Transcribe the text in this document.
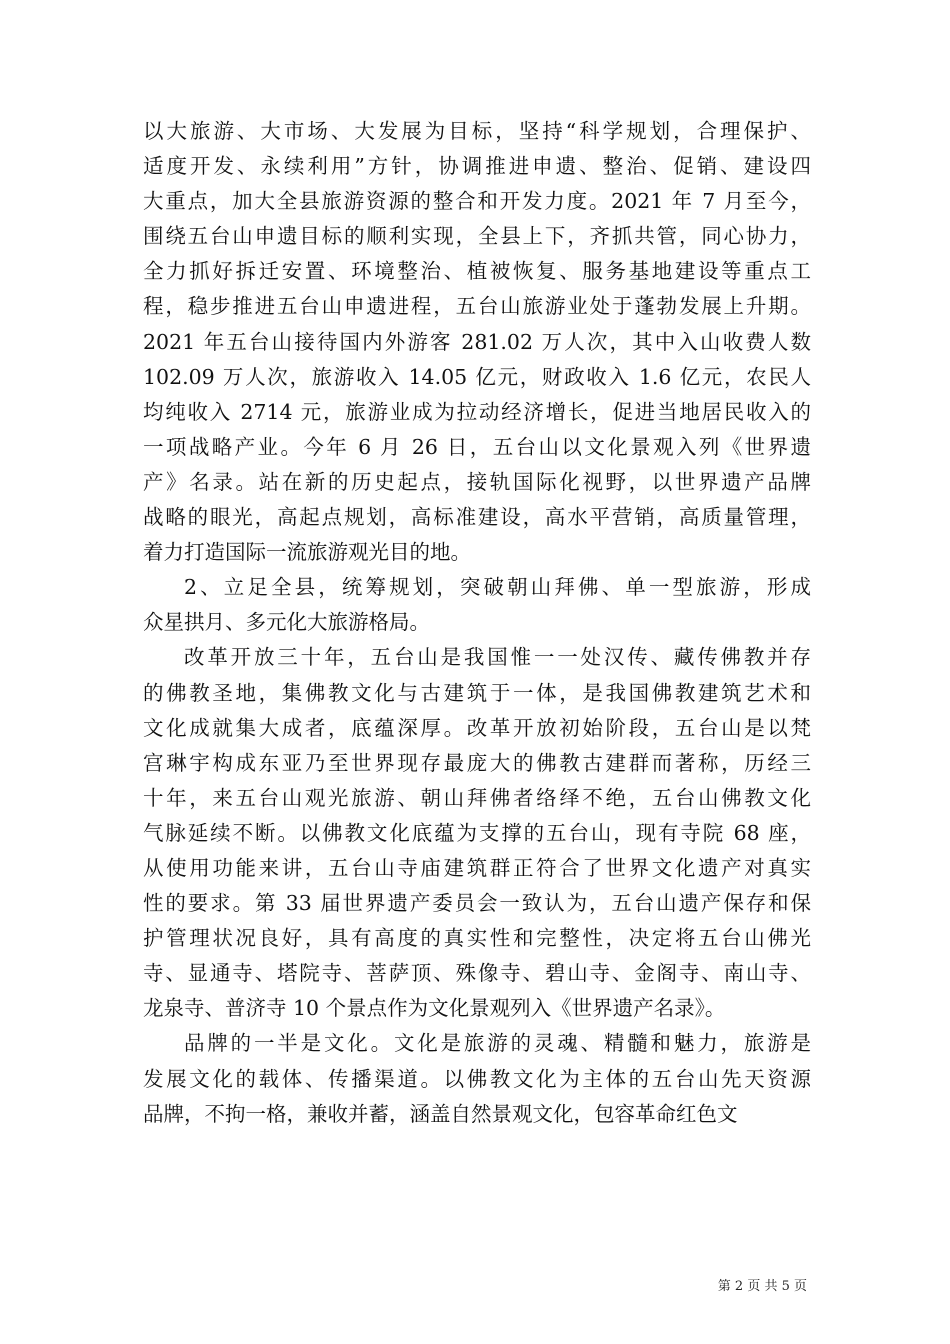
以大旅游、大市场、大发展为目标，坚持“科学规划，合理保护、
适度开发、永续利用”方针，协调推进申遗、整治、促销、建设四
大重点，加大全县旅游资源的整合和开发力度。2021 年 7 月至今，
围绕五台山申遗目标的顺利实现，全县上下，齐抓共管，同心协力，
全力抓好拆迁安置、环境整治、植被恢复、服务基地建设等重点工
程，稳步推进五台山申遗进程，五台山旅游业处于蓬勃发展上升期。
2021 年五台山接待国内外游客 281.02 万人次，其中入山收费人数
102.09 万人次，旅游收入 14.05 亿元，财政收入 1.6 亿元，农民人
均纯收入 2714 元，旅游业成为拉动经济增长，促进当地居民收入的
一项战略产业。今年 6 月 26 日，五台山以文化景观入列《世界遗
产》名录。站在新的历史起点，接轨国际化视野，以世界遗产品牌
战略的眼光，高起点规划，高标准建设，高水平营销，高质量管理，
着力打造国际一流旅游观光目的地。
2、立足全县，统筹规划，突破朝山拜佛、单一型旅游，形成
众星拱月、多元化大旅游格局。
改革开放三十年，五台山是我国惟一一处汉传、藏传佛教并存
的佛教圣地，集佛教文化与古建筑于一体，是我国佛教建筑艺术和
文化成就集大成者，底蕴深厚。改革开放初始阶段，五台山是以梵
宫琳宇构成东亚乃至世界现存最庞大的佛教古建群而著称，历经三
十年，来五台山观光旅游、朝山拜佛者络绎不绝，五台山佛教文化
气脉延续不断。以佛教文化底蕴为支撑的五台山，现有寺院 68 座，
从使用功能来讲，五台山寺庙建筑群正符合了世界文化遗产对真实
性的要求。第 33 届世界遗产委员会一致认为，五台山遗产保存和保
护管理状况良好，具有高度的真实性和完整性，决定将五台山佛光
寺、显通寺、塔院寺、菩萨顶、殊像寺、碧山寺、金阁寺、南山寺、
龙泉寺、普济寺 10 个景点作为文化景观列入《世界遗产名录》。
品牌的一半是文化。文化是旅游的灵魂、精髓和魅力，旅游是
发展文化的载体、传播渠道。以佛教文化为主体的五台山先天资源
品牌，不拘一格，兼收并蓄，涵盖自然景观文化，包容革命红色文
第 2 页 共 5 页
